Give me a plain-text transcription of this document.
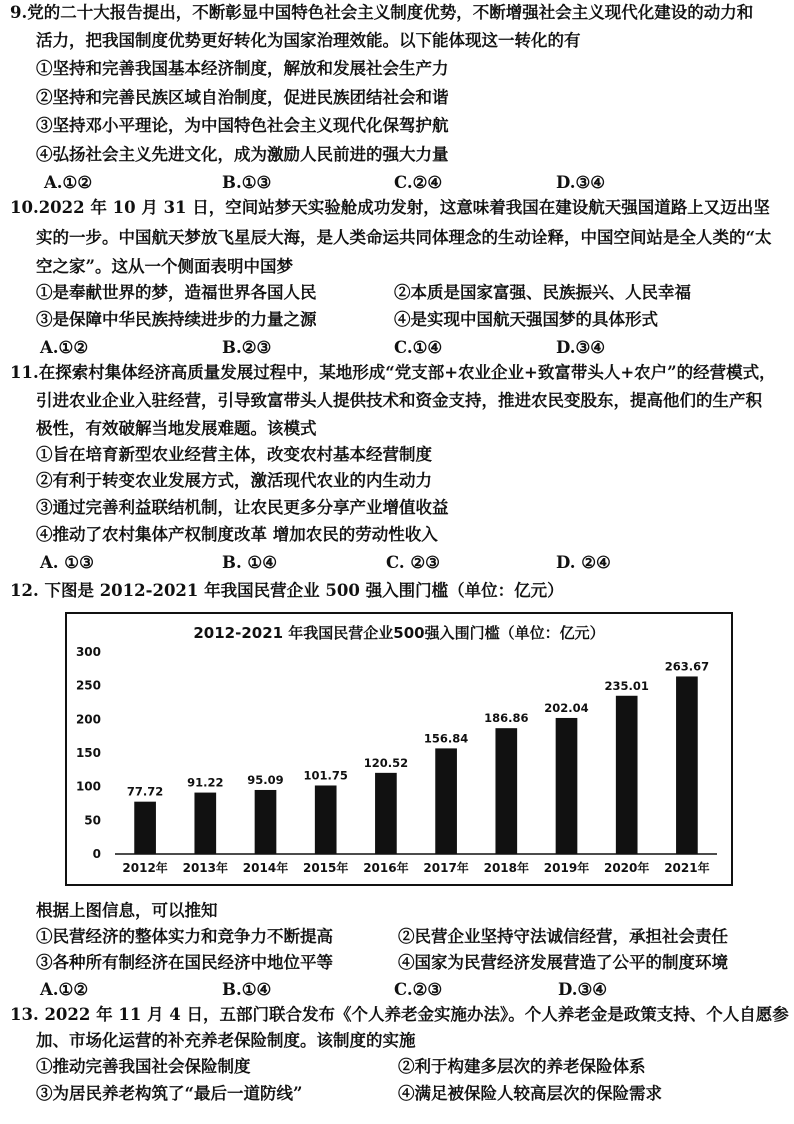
9.党的二十大报告提出，不断彰显中国特色社会主义制度优势，不断增强社会主义现代化建设的动力和
活力，把我国制度优势更好转化为国家治理效能。以下能体现这一转化的有
①坚持和完善我国基本经济制度，解放和发展社会生产力
②坚持和完善民族区域自治制度，促进民族团结社会和谐
③坚持邓小平理论，为中国特色社会主义现代化保驾护航
④弘扬社会主义先进文化，成为激励人民前进的强大力量
A.①②	B.①③	C.②④	D.③④
10.2022 年 10 月 31 日，空间站梦天实验舱成功发射，这意味着我国在建设航天强国道路上又迈出坚
实的一步。中国航天梦放飞星辰大海，是人类命运共同体理念的生动诠释，中国空间站是全人类的“太
空之家”。这从一个侧面表明中国梦
①是奉献世界的梦，造福世界各国人民	②本质是国家富强、民族振兴、人民幸福
③是保障中华民族持续进步的力量之源	④是实现中国航天强国梦的具体形式
A.①②	B.②③	C.①④	D.③④
11.在探索村集体经济高质量发展过程中，某地形成“党支部+农业企业+致富带头人+农户”的经营模式，
引进农业企业入驻经营，引导致富带头人提供技术和资金支持，推进农民变股东，提高他们的生产积
极性，有效破解当地发展难题。该模式
①旨在培育新型农业经营主体，改变农村基本经营制度
②有利于转变农业发展方式，激活现代农业的内生动力
③通过完善利益联结机制，让农民更多分享产业增值收益
④推动了农村集体产权制度改革 增加农民的劳动性收入
A. ①③	B. ①④	C. ②③	D. ②④
12. 下图是 2012-2021 年我国民营企业 500 强入围门槛（单位：亿元）
2012-2021 年我国民营企业500强入围门槛（单位：亿元）
0
50
100
150
200
250
300
77.72
2012年
91.22
2013年
95.09
2014年
101.75
2015年
120.52
2016年
156.84
2017年
186.86
2018年
202.04
2019年
235.01
2020年
263.67
2021年
根据上图信息，可以推知
①民营经济的整体实力和竞争力不断提高	②民营企业坚持守法诚信经营，承担社会责任
③各种所有制经济在国民经济中地位平等	④国家为民营经济发展营造了公平的制度环境
A.①②	B.①④	C.②③	D.③④
13. 2022 年 11 月 4 日，五部门联合发布《个人养老金实施办法》。个人养老金是政策支持、个人自愿参
加、市场化运营的补充养老保险制度。该制度的实施
①推动完善我国社会保险制度	②利于构建多层次的养老保险体系
③为居民养老构筑了“最后一道防线”	④满足被保险人较高层次的保险需求
